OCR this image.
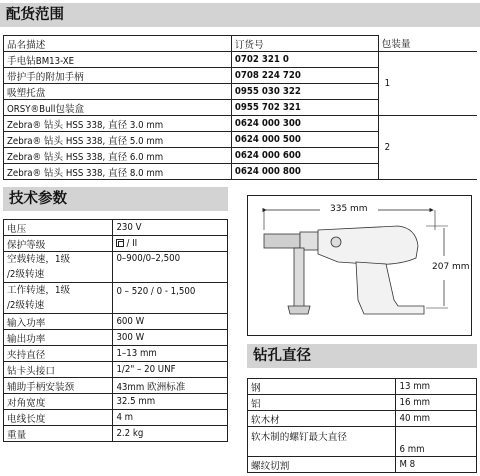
配货范围
品名描述	订货号	包装量
手电钻BM13-XE	0702 321 0	1
带护手的附加手柄	0708 224 720	
吸塑托盘	0955 030 322	
ORSY®Bull包装盒	0955 702 321	
Zebra® 钻头 HSS 338, 直径 3.0 mm	0624 000 300	2
Zebra® 钻头 HSS 338, 直径 5.0 mm	0624 000 500	
Zebra® 钻头 HSS 338, 直径 6.0 mm	0624 000 600	
Zebra® 钻头 HSS 338, 直径 8.0 mm	0624 000 800	
技术参数
电压	230 V
保护等级	/ II
空载转速，1级
/2级转速	0–900/0–2,500
工作转速，1级
/2级转速	0 – 520 / 0 - 1,500
输入功率	600 W
输出功率	300 W
夹持直径	1–13 mm
钻卡头接口	1/2" – 20 UNF
辅助手柄安装颈	43mm 欧洲标准
对角宽度	32.5 mm
电线长度	4 m
重量	2.2 kg
335 mm
207 mm
钻孔直径
钢	13 mm
铝	16 mm
软木材	40 mm
软木制的螺钉最大直径	6 mm
螺纹切割	M 8
